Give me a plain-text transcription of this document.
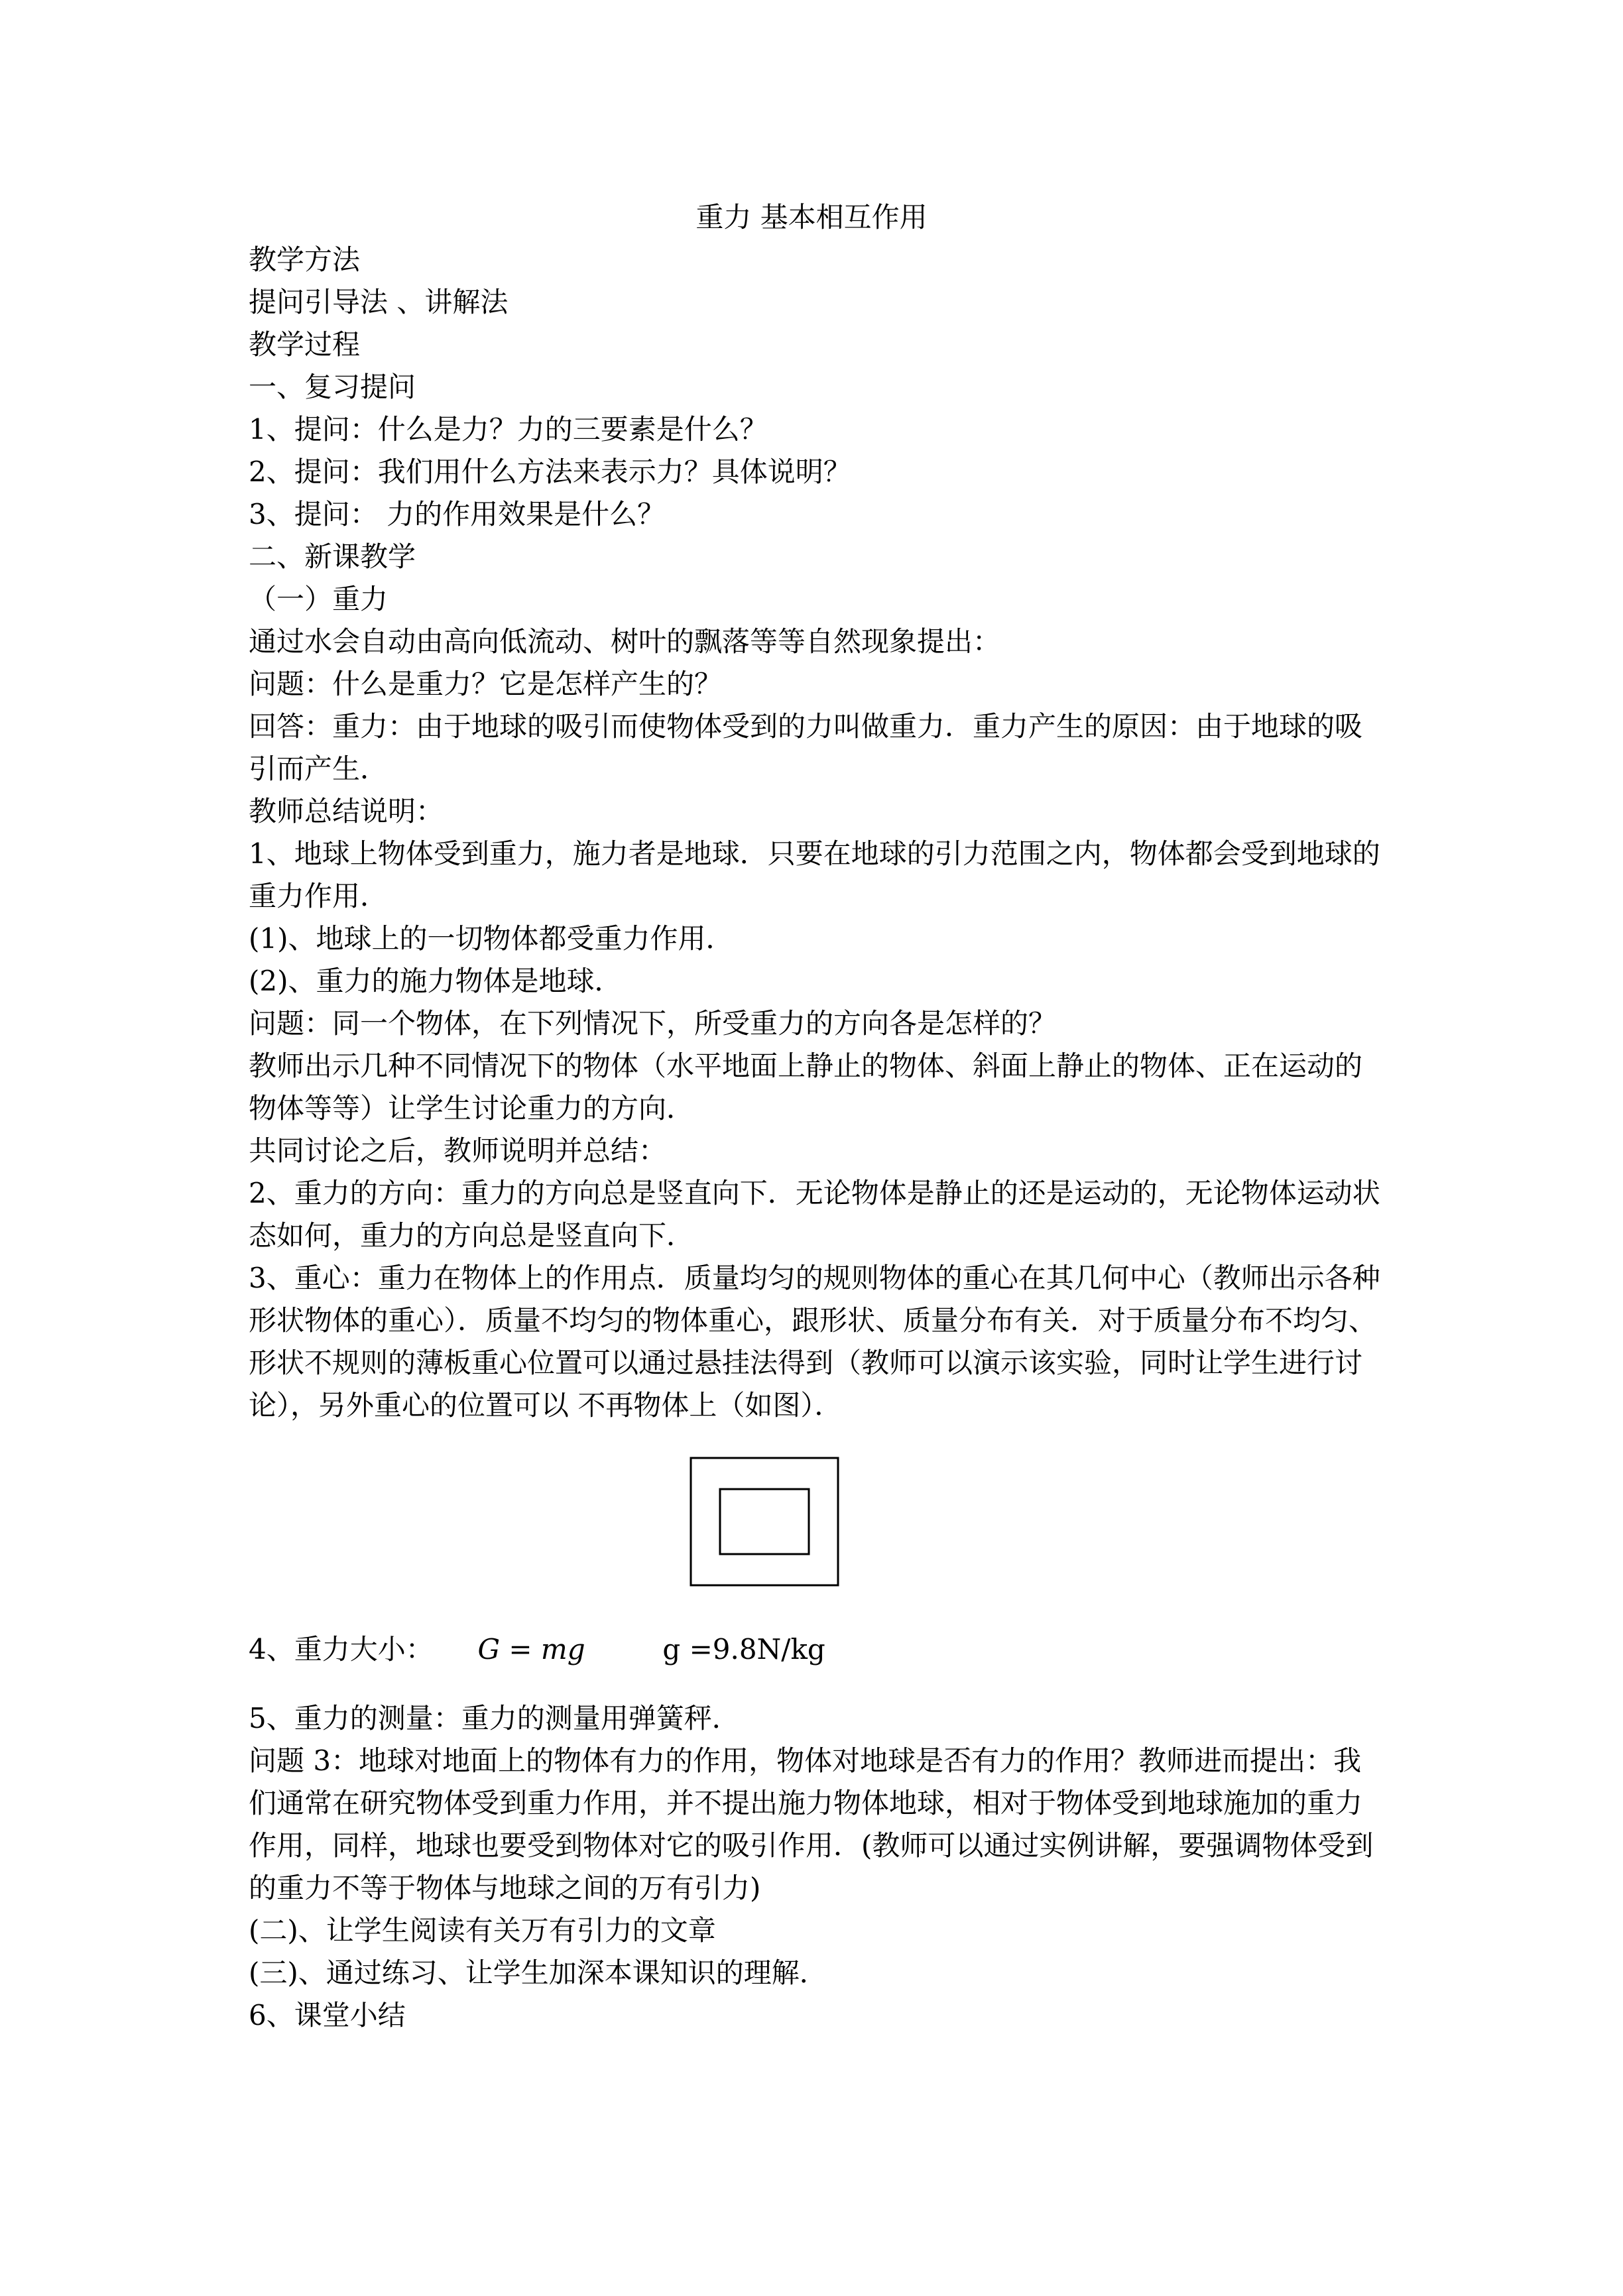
重力 基本相互作用
教学方法
提问引导法 、讲解法
教学过程
一、复习提问
1、提问：什么是力？力的三要素是什么？
2、提问：我们用什么方法来表示力？具体说明？
3、提问： 力的作用效果是什么？
二、新课教学
（一）重力
通过水会自动由高向低流动、树叶的飘落等等自然现象提出：
问题：什么是重力？它是怎样产生的？
回答：重力：由于地球的吸引而使物体受到的力叫做重力．重力产生的原因：由于地球的吸引而产生．
教师总结说明：
1、地球上物体受到重力，施力者是地球．只要在地球的引力范围之内，物体都会受到地球的重力作用．
(1)、地球上的一切物体都受重力作用．
(2)、重力的施力物体是地球．
问题：同一个物体，在下列情况下，所受重力的方向各是怎样的？
教师出示几种不同情况下的物体（水平地面上静止的物体、斜面上静止的物体、正在运动的物体等等）让学生讨论重力的方向．
共同讨论之后，教师说明并总结：
2、重力的方向：重力的方向总是竖直向下．无论物体是静止的还是运动的，无论物体运动状态如何，重力的方向总是竖直向下．
3、重心：重力在物体上的作用点．质量均匀的规则物体的重心在其几何中心（教师出示各种形状物体的重心）．质量不均匀的物体重心，跟形状、质量分布有关．对于质量分布不均匀、形状不规则的薄板重心位置可以通过悬挂法得到（教师可以演示该实验，同时让学生进行讨论），另外重心的位置可以 不再物体上（如图）．
4、重力大小： G = mg	g =9.8N/kg
5、重力的测量：重力的测量用弹簧秤．
问题 3：地球对地面上的物体有力的作用，物体对地球是否有力的作用？教师进而提出：我们通常在研究物体受到重力作用，并不提出施力物体地球，相对于物体受到地球施加的重力作用，同样，地球也要受到物体对它的吸引作用．(教师可以通过实例讲解，要强调物体受到的重力不等于物体与地球之间的万有引力)
(二)、让学生阅读有关万有引力的文章
(三)、通过练习、让学生加深本课知识的理解．
6、课堂小结
